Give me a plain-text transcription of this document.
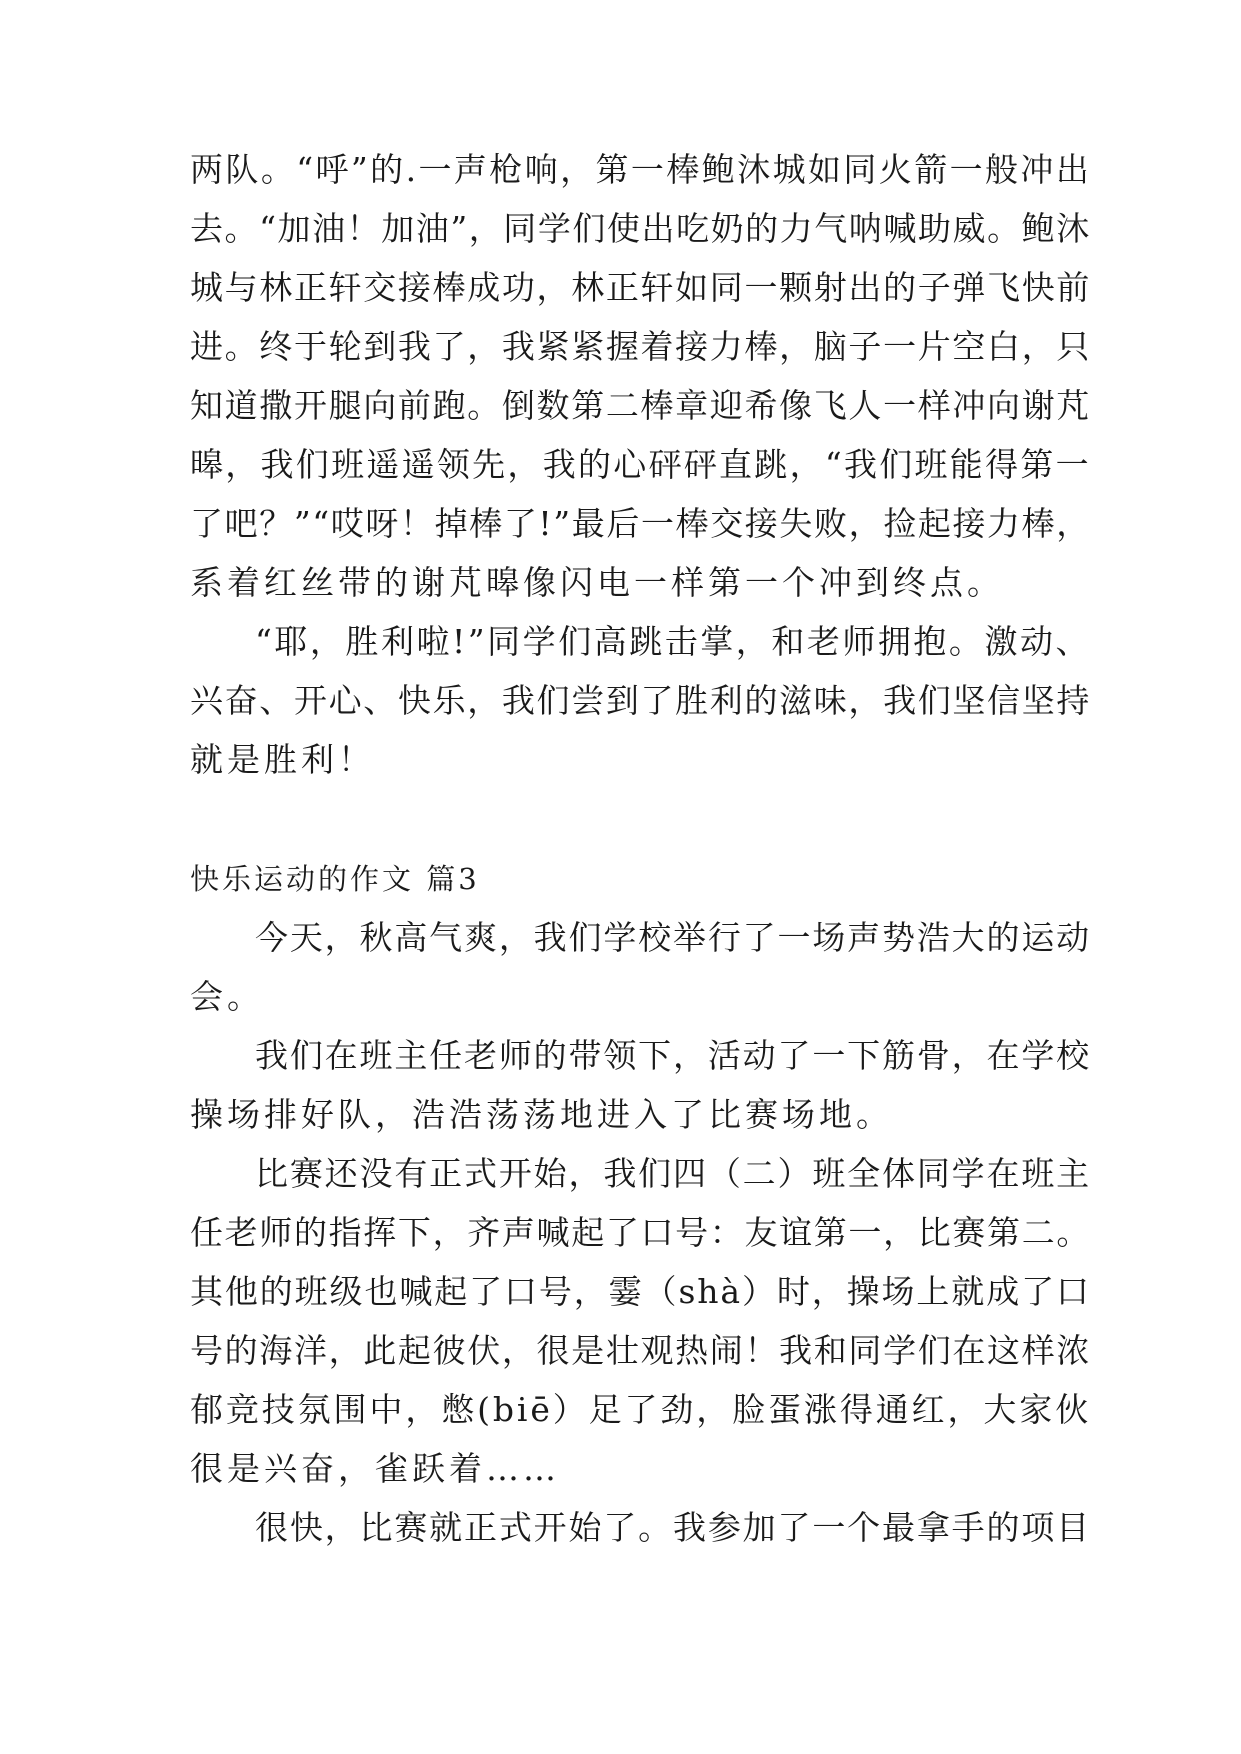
两队。“呼”的.一声枪响，第一棒鲍沐城如同火箭一般冲出
去。“加油！加油”，同学们使出吃奶的力气呐喊助威。鲍沐
城与林正轩交接棒成功，林正轩如同一颗射出的子弹飞快前
进。终于轮到我了，我紧紧握着接力棒，脑子一片空白，只
知道撒开腿向前跑。倒数第二棒章迎希像飞人一样冲向谢芃
暤，我们班遥遥领先，我的心砰砰直跳，“我们班能得第一
了吧？”“哎呀！掉棒了!”最后一棒交接失败，捡起接力棒，
系着红丝带的谢芃暤像闪电一样第一个冲到终点。
“耶，胜利啦!”同学们高跳击掌，和老师拥抱。激动、
兴奋、开心、快乐，我们尝到了胜利的滋味，我们坚信坚持
就是胜利！
快乐运动的作文 篇3
今天，秋高气爽，我们学校举行了一场声势浩大的运动
会。
我们在班主任老师的带领下，活动了一下筋骨，在学校
操场排好队，浩浩荡荡地进入了比赛场地。
比赛还没有正式开始，我们四（二）班全体同学在班主
任老师的指挥下，齐声喊起了口号：友谊第一，比赛第二。
其他的班级也喊起了口号，霎（shà）时，操场上就成了口
号的海洋，此起彼伏，很是壮观热闹！我和同学们在这样浓
郁竞技氛围中，憋(biē）足了劲，脸蛋涨得通红，大家伙
很是兴奋，雀跃着……
很快，比赛就正式开始了。我参加了一个最拿手的项目
